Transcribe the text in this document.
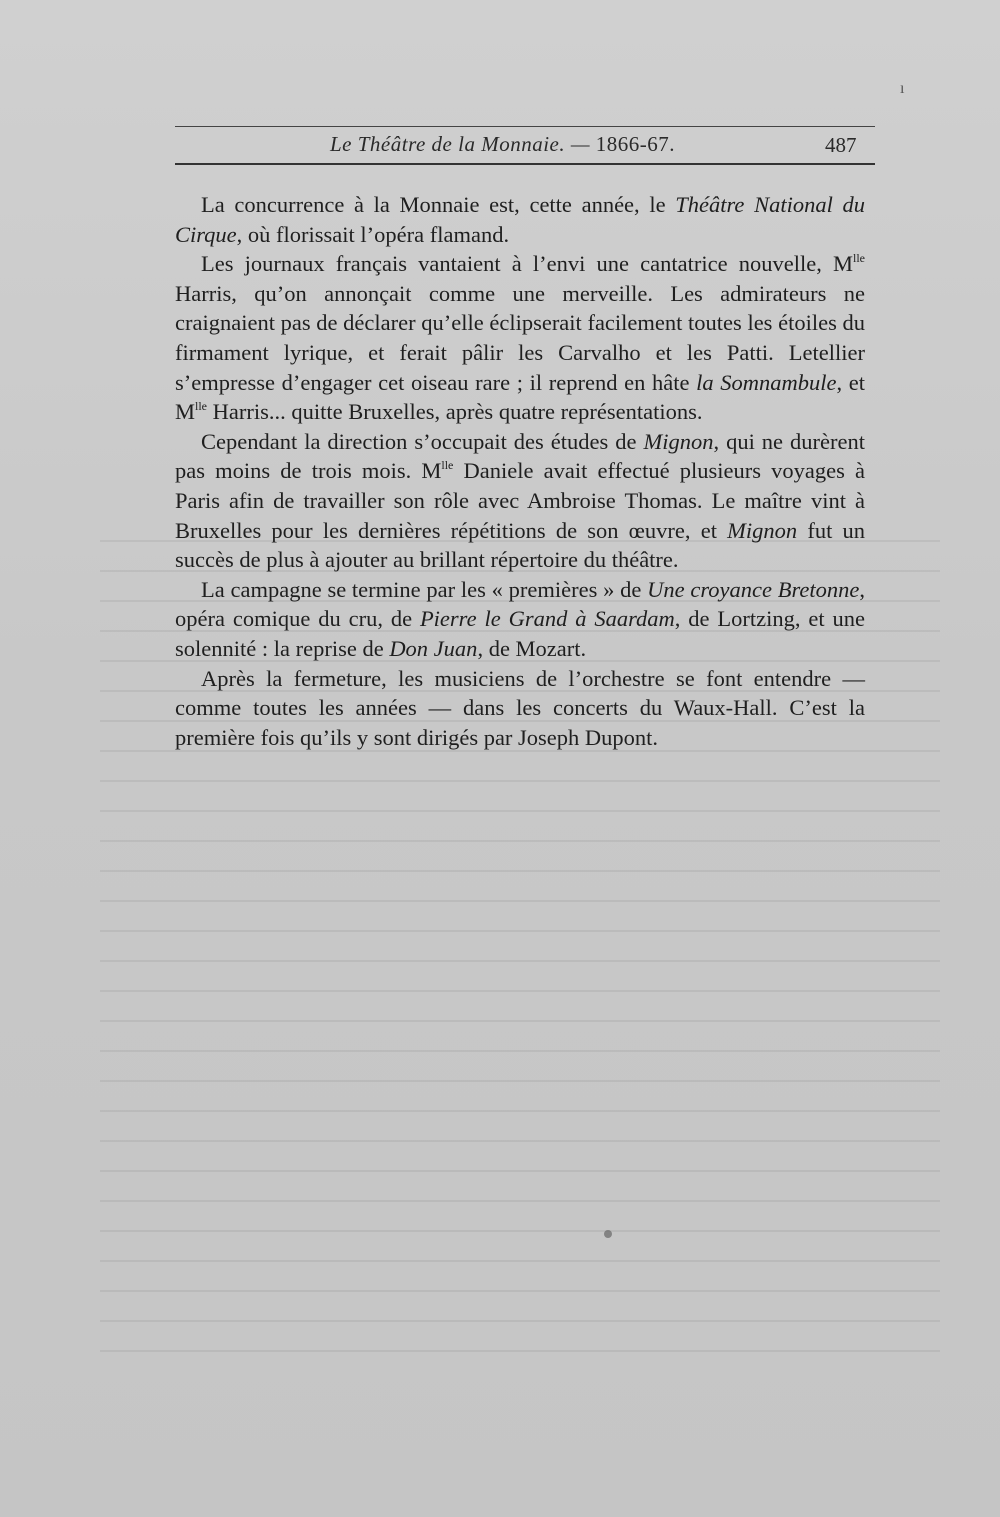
ı
Le Théâtre de la Monnaie. — 1866-67.	487

La concurrence à la Monnaie est, cette année, le Théâtre National du Cirque, où florissait l’opéra flamand.

Les journaux français vantaient à l’envi une cantatrice nouvelle, $M^{lle}$ Harris, qu’on annonçait comme une merveille. Les admirateurs ne craignaient pas de déclarer qu’elle éclipserait facilement toutes les étoiles du firmament lyrique, et ferait pâlir les Carvalho et les Patti. Letellier s’empresse d’engager cet oiseau rare ; il reprend en hâte la Somnambule, et $M^{lle}$ Harris... quitte Bruxelles, après quatre représentations.

Cependant la direction s’occupait des études de Mignon, qui ne durèrent pas moins de trois mois. $M^{lle}$ Daniele avait effectué plusieurs voyages à Paris afin de travailler son rôle avec Ambroise Thomas. Le maître vint à Bruxelles pour les dernières répétitions de son œuvre, et Mignon fut un succès de plus à ajouter au brillant répertoire du théâtre.

La campagne se termine par les « premières » de Une croyance Bretonne, opéra comique du cru, de Pierre le Grand à Saardam, de Lortzing, et une solennité : la reprise de Don Juan, de Mozart.

Après la fermeture, les musiciens de l’orchestre se font entendre — comme toutes les années — dans les concerts du Waux-Hall. C’est la première fois qu’ils y sont dirigés par Joseph Dupont.
